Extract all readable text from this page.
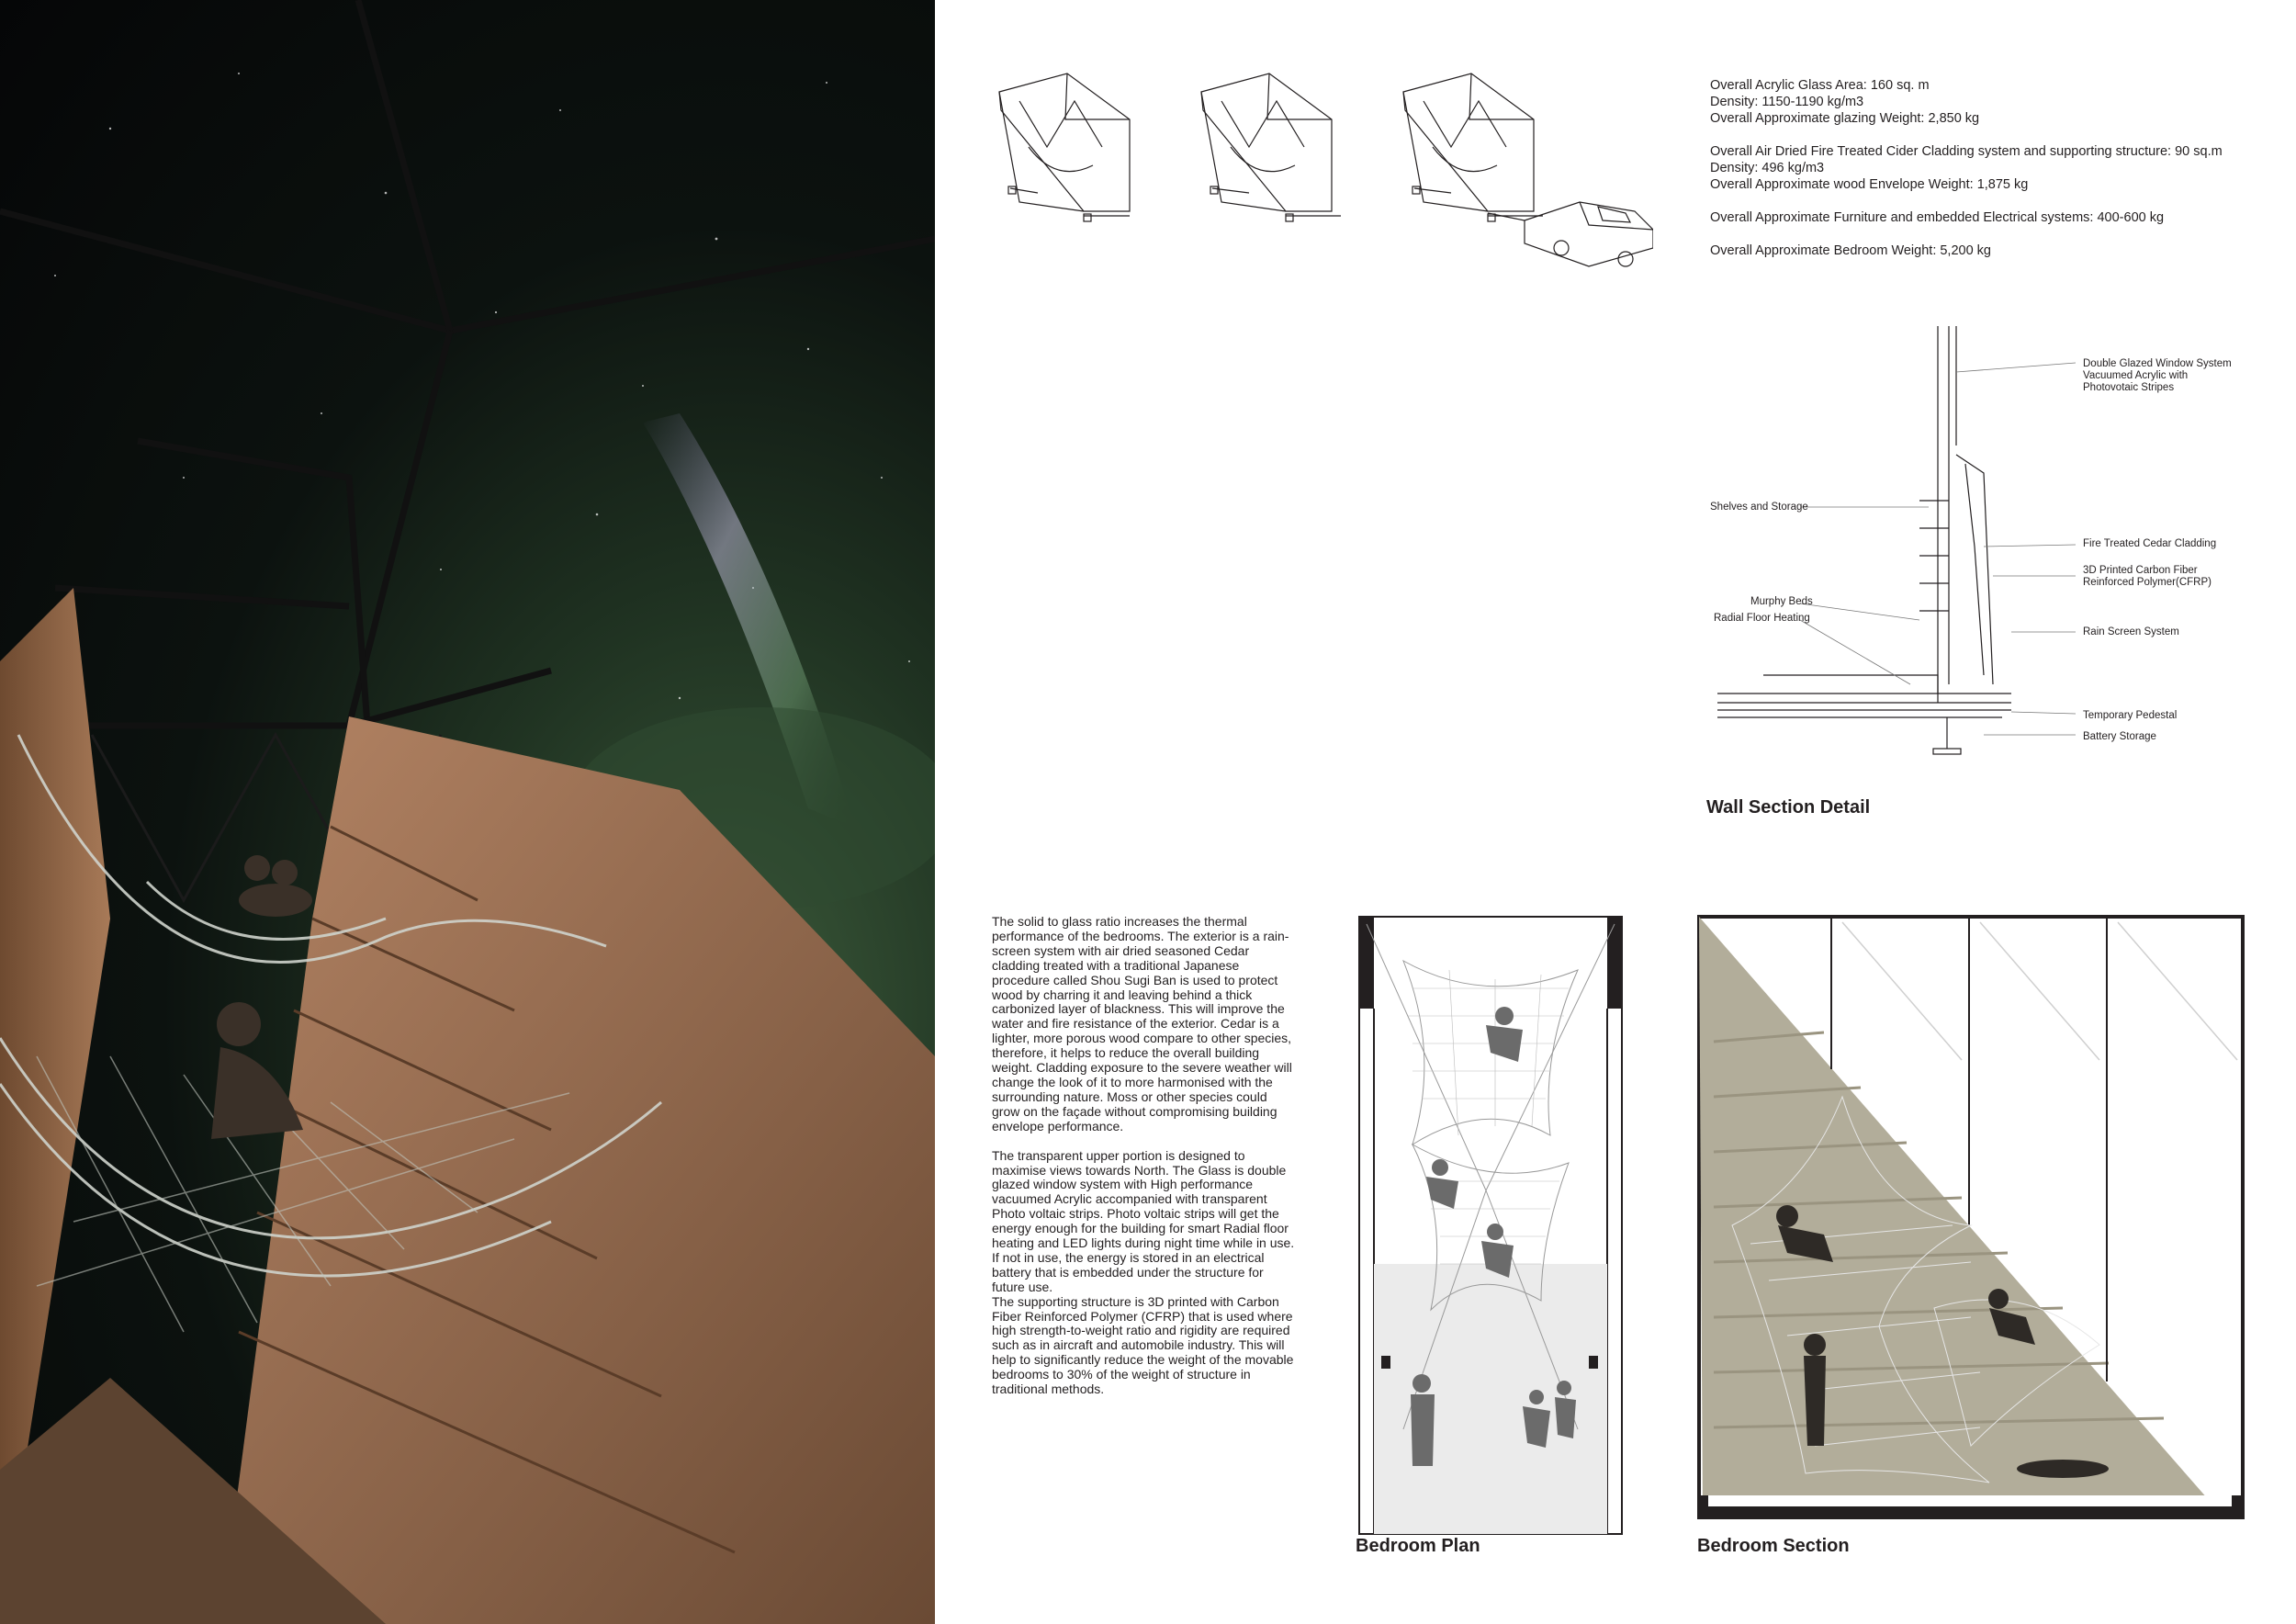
Overall Acrylic Glass Area: 160 sq. m
Density: 1150-1190 kg/m3
Overall Approximate glazing Weight: 2,850 kg
Overall Air Dried Fire Treated Cider Cladding system and supporting structure: 90 sq.m
Density: 496 kg/m3
Overall Approximate wood Envelope Weight: 1,875 kg
Overall Approximate Furniture and embedded Electrical systems: 400-600 kg
Overall Approximate Bedroom Weight: 5,200 kg
Double Glazed Window System
Vacuumed Acrylic with
Photovotaic Stripes
Fire Treated Cedar Cladding
3D Printed Carbon Fiber
Reinforced Polymer(CFRP)
Rain Screen System
Temporary Pedestal
Battery Storage
Shelves and Storage
Murphy Beds
Radial Floor Heating
Wall Section Detail

The solid to glass ratio increases the thermal performance of the bedrooms. The exterior is a rain-screen system with air dried seasoned Cedar cladding treated with a traditional Japanese procedure called Shou Sugi Ban is used to protect wood by charring it and leaving behind a thick carbonized layer of blackness. This will improve the water and fire resistance of the exterior. Cedar is a lighter, more porous wood compare to other species, therefore, it helps to reduce the overall building weight. Cladding exposure to the severe weather will change the look of it to more harmonised with the surrounding nature. Moss or other species could grow on the façade without compromising building envelope performance.

The transparent upper portion is designed to maximise views towards North. The Glass is double glazed window system with High performance vacuumed Acrylic accompanied with transparent Photo voltaic strips. Photo voltaic strips will get the energy enough for the building for smart Radial floor heating and LED lights during night time while in use. If not in use, the energy is stored in an electrical battery that is embedded under the structure for future use.

The supporting structure is 3D printed with Carbon Fiber Reinforced Polymer (CFRP) that is used where high strength-to-weight ratio and rigidity are required such as in aircraft and automobile industry. This will help to significantly reduce the weight of the movable bedrooms to 30% of the weight of structure in traditional methods.

Bedroom Plan	Bedroom Section
